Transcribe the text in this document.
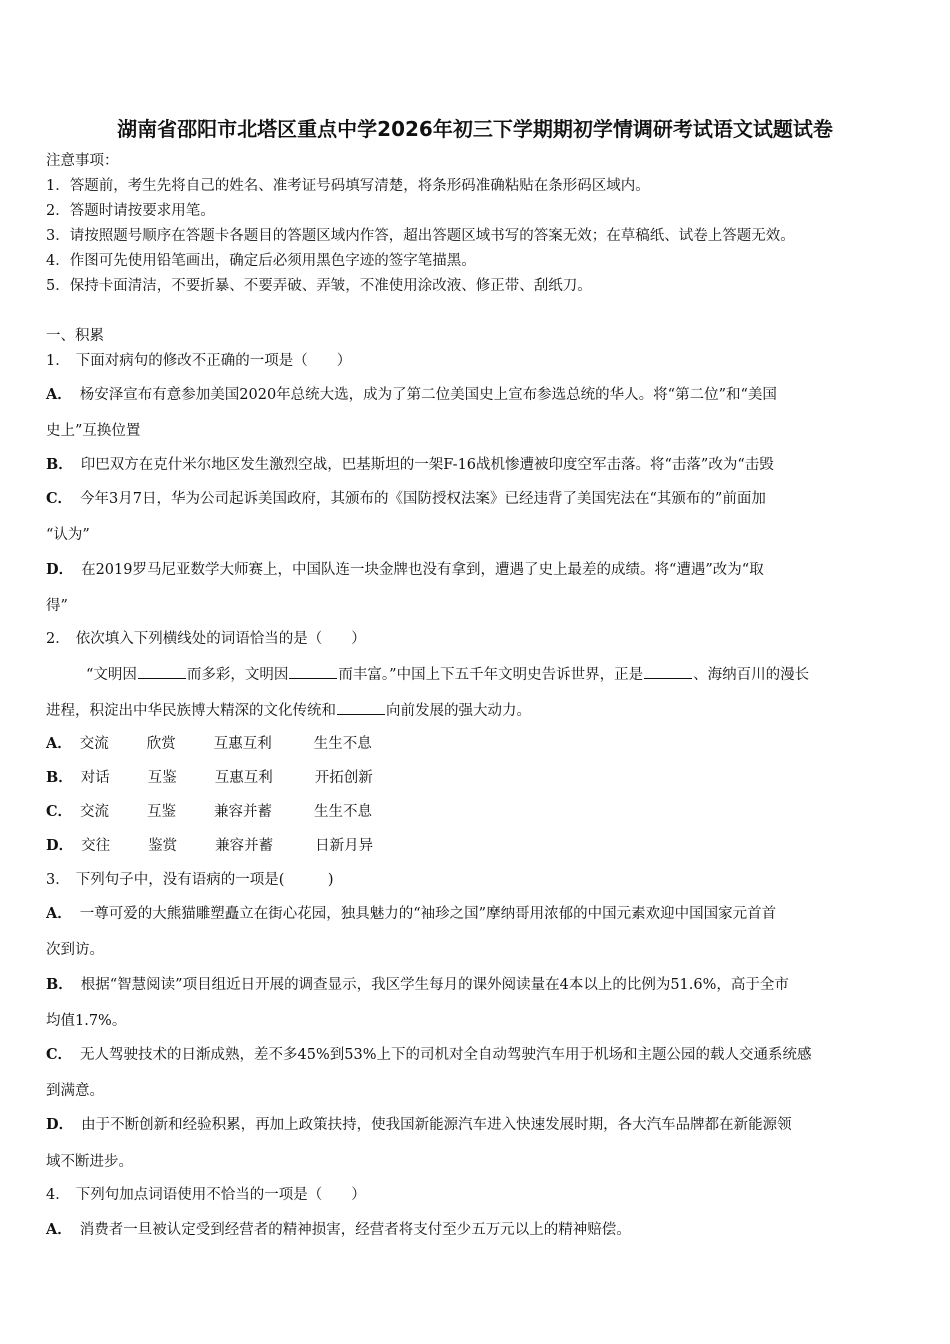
湖南省邵阳市北塔区重点中学2026年初三下学期期初学情调研考试语文试题试卷
注意事项：
1．答题前，考生先将自己的姓名、准考证号码填写清楚，将条形码准确粘贴在条形码区域内。
2．答题时请按要求用笔。
3．请按照题号顺序在答题卡各题目的答题区域内作答，超出答题区域书写的答案无效；在草稿纸、试卷上答题无效。
4．作图可先使用铅笔画出，确定后必须用黑色字迹的签字笔描黑。
5．保持卡面清洁，不要折暴、不要弄破、弄皱，不准使用涂改液、修正带、刮纸刀。
一、积累
1． 下面对病句的修改不正确的一项是（　　）
A． 杨安泽宣布有意参加美国2020年总统大选，成为了第二位美国史上宣布参选总统的华人。将“第二位”和“美国
史上”互换位置
B． 印巴双方在克什米尔地区发生激烈空战，巴基斯坦的一架F-16战机惨遭被印度空军击落。将“击落”改为“击毁
C． 今年3月7日，华为公司起诉美国政府，其颁布的《国防授权法案》已经违背了美国宪法在“其颁布的”前面加
“认为”
D． 在2019罗马尼亚数学大师赛上，中国队连一块金牌也没有拿到，遭遇了史上最差的成绩。将“遭遇”改为“取
得”
2． 依次填入下列横线处的词语恰当的是（　　）
“文明因	而多彩，文明因	而丰富。”中国上下五千年文明史告诉世界，正是	、海纳百川的漫长
进程，积淀出中华民族博大精深的文化传统和	向前发展的强大动力。
A． 交流	欣赏	互惠互利	生生不息
B． 对话	互鉴	互惠互利	开拓创新
C． 交流	互鉴	兼容并蓄	生生不息
D． 交往	鉴赏	兼容并蓄	日新月异
3． 下列句子中，没有语病的一项是(　　　)
A． 一尊可爱的大熊猫雕塑矗立在街心花园，独具魅力的“袖珍之国”摩纳哥用浓郁的中国元素欢迎中国国家元首首
次到访。
B． 根据“智慧阅读”项目组近日开展的调查显示，我区学生每月的课外阅读量在4本以上的比例为51.6%，高于全市
均值1.7%。
C． 无人驾驶技术的日渐成熟，差不多45%到53%上下的司机对全自动驾驶汽车用于机场和主题公园的载人交通系统感
到满意。
D． 由于不断创新和经验积累，再加上政策扶持，使我国新能源汽车进入快速发展时期，各大汽车品牌都在新能源领
域不断进步。
4． 下列句加点词语使用不恰当的一项是（　　）
A． 消费者一旦被认定受到经营者的精神损害，经营者将支付至少五万元以上的精神赔偿。
